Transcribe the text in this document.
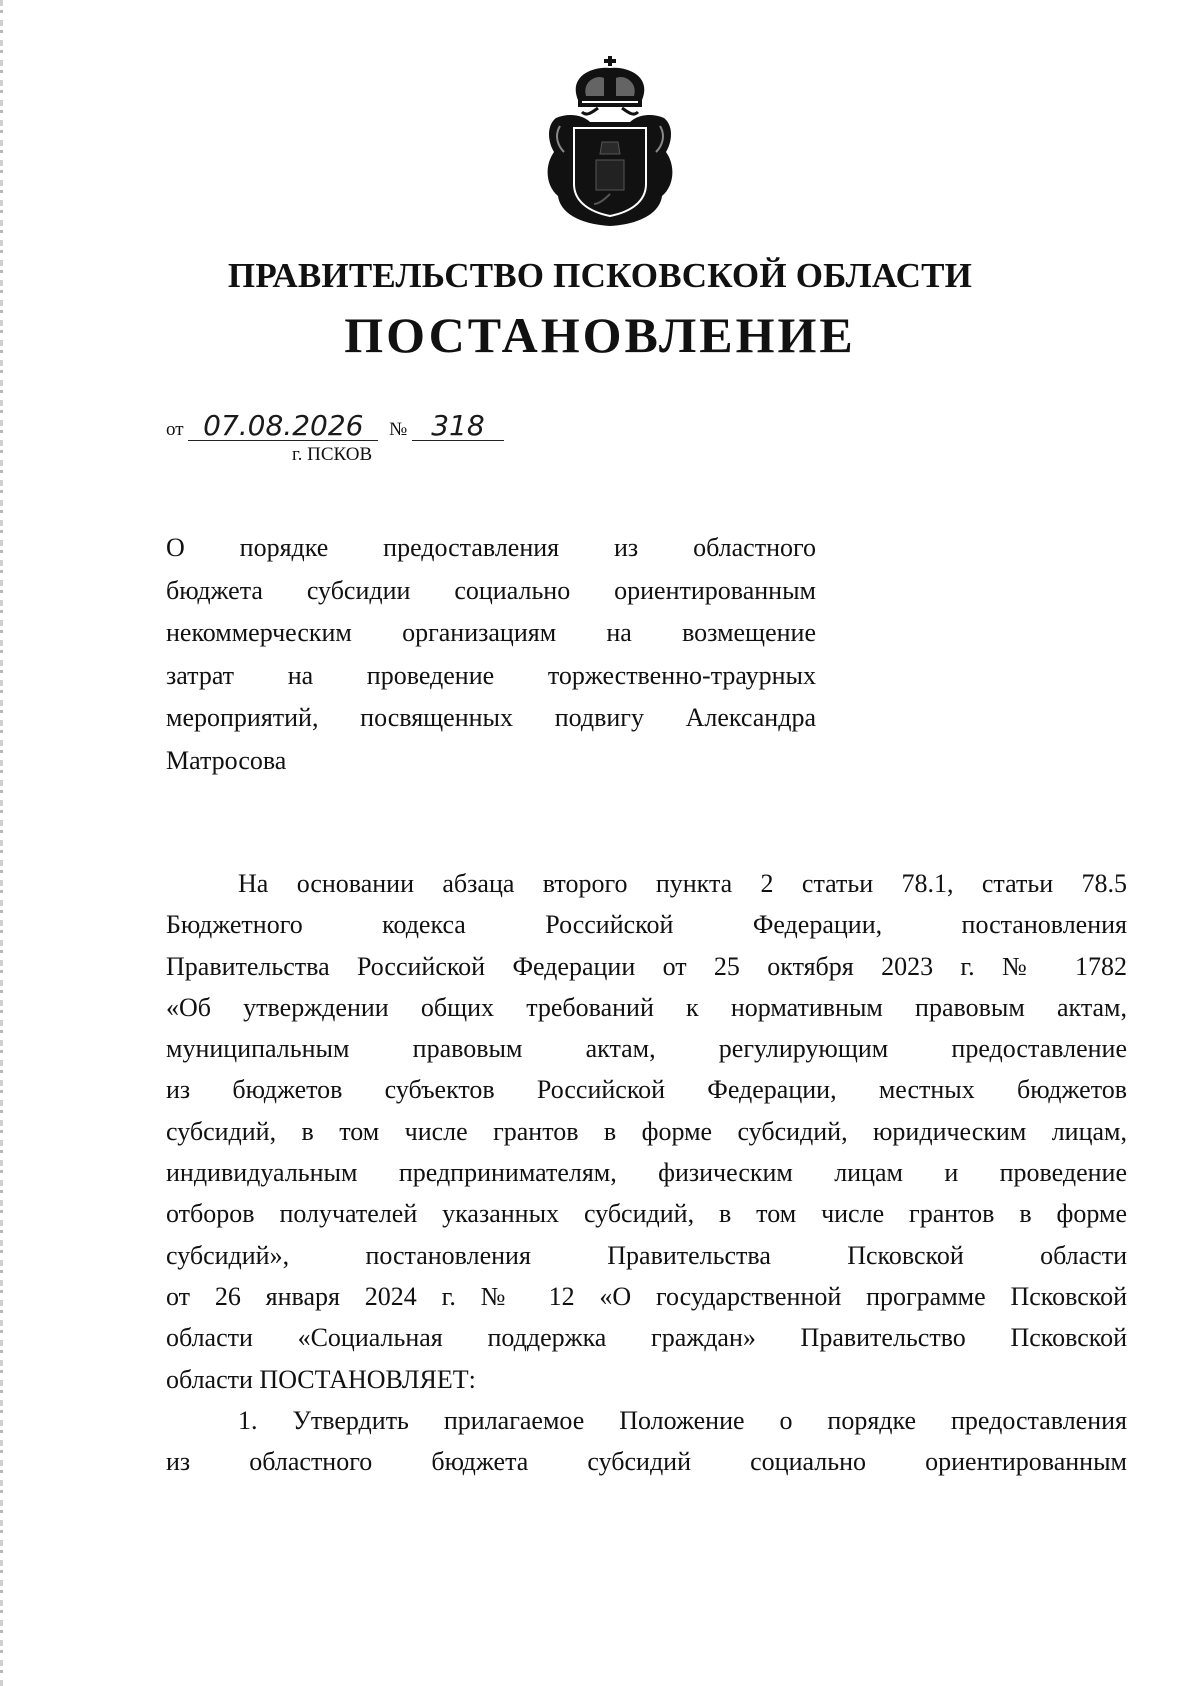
ПРАВИТЕЛЬСТВО ПСКОВСКОЙ ОБЛАСТИ
ПОСТАНОВЛЕНИЕ
от 07.08.2026 № 318
г. ПСКОВ
О порядке предоставления из областного
бюджета субсидии социально ориентированным
некоммерческим организациям на возмещение
затрат на проведение торжественно-траурных
мероприятий, посвященных подвигу Александра
Матросова
На основании абзаца второго пункта 2 статьи 78.1, статьи 78.5
Бюджетного кодекса Российской Федерации, постановления
Правительства Российской Федерации от 25 октября 2023 г. № 1782
«Об утверждении общих требований к нормативным правовым актам,
муниципальным правовым актам, регулирующим предоставление
из бюджетов субъектов Российской Федерации, местных бюджетов
субсидий, в том числе грантов в форме субсидий, юридическим лицам,
индивидуальным предпринимателям, физическим лицам и проведение
отборов получателей указанных субсидий, в том числе грантов в форме
субсидий», постановления Правительства Псковской области
от 26 января 2024 г. № 12 «О государственной программе Псковской
области «Социальная поддержка граждан» Правительство Псковской
области ПОСТАНОВЛЯЕТ:
1. Утвердить прилагаемое Положение о порядке предоставления
из областного бюджета субсидий социально ориентированным
